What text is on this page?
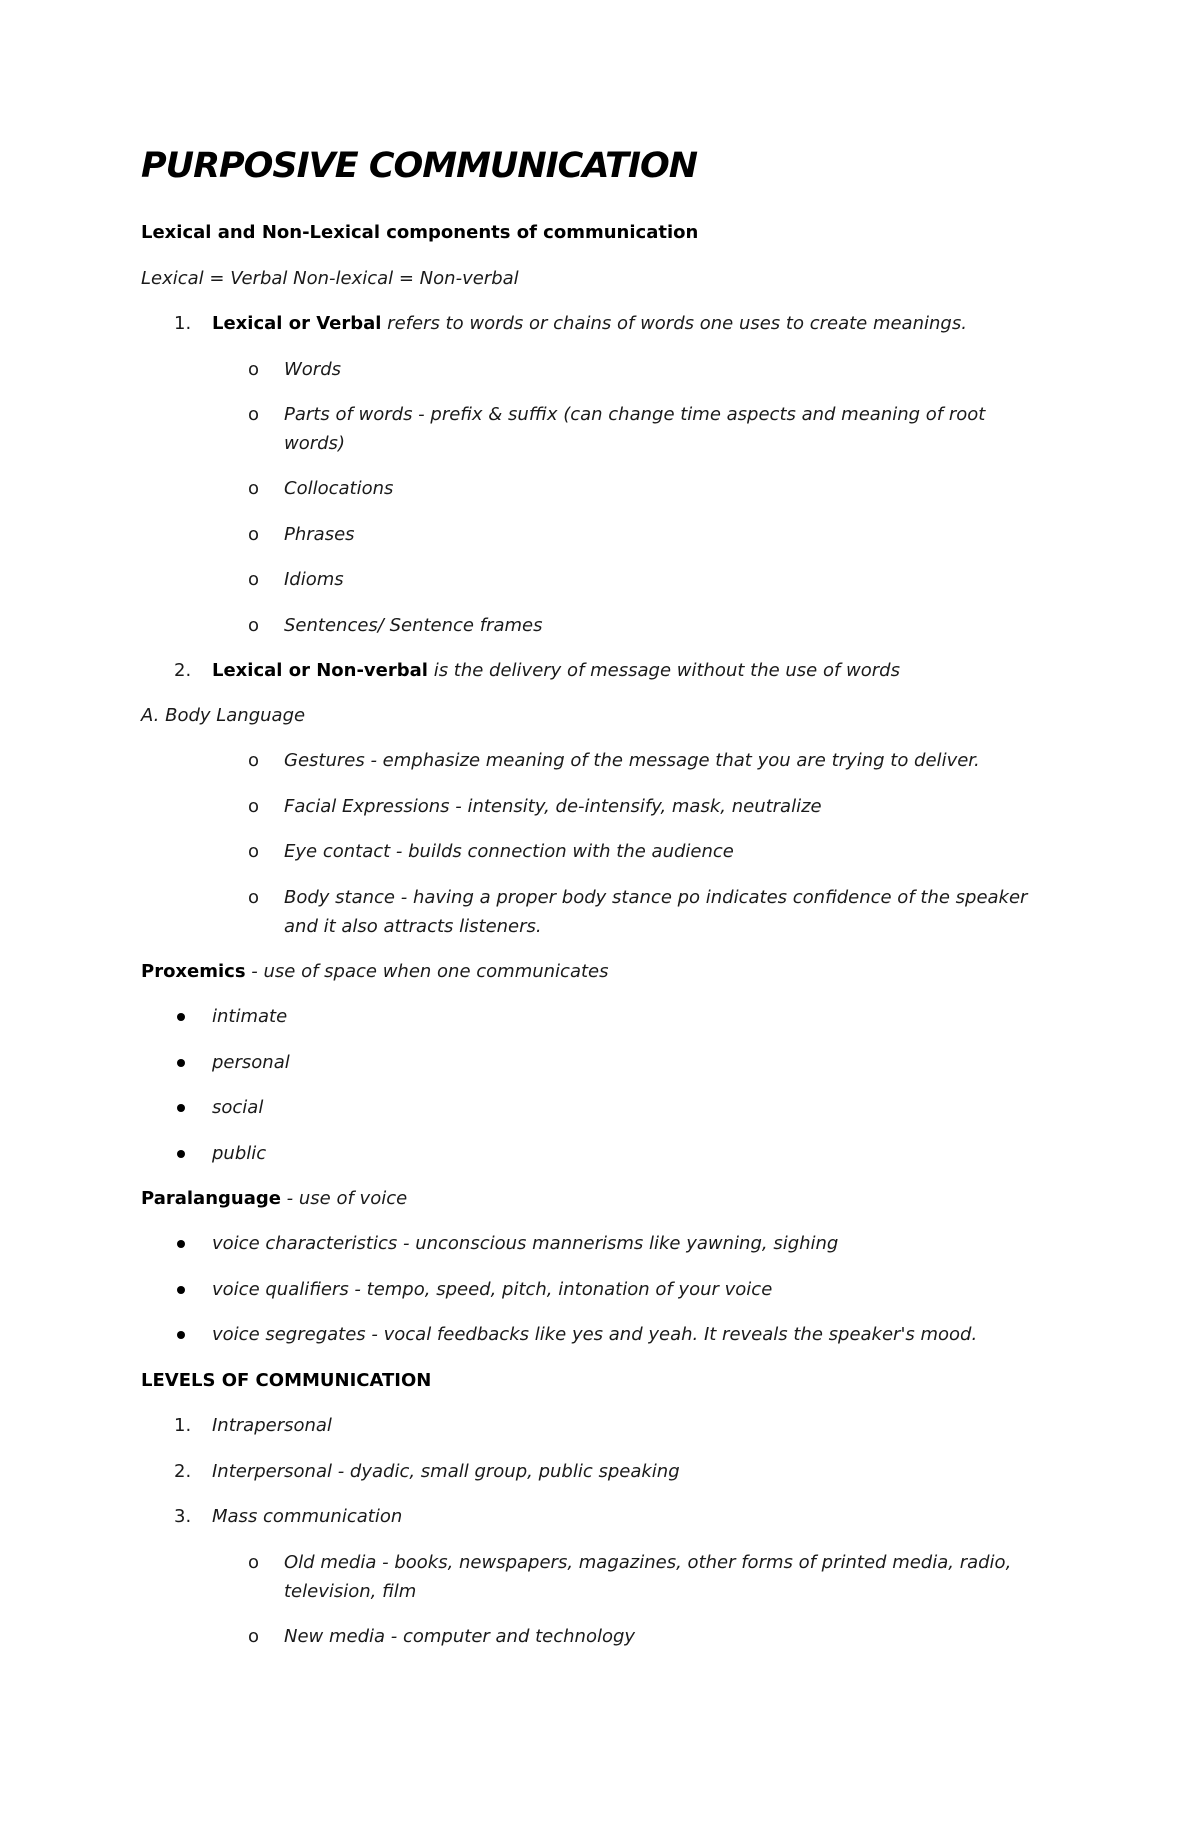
PURPOSIVE COMMUNICATION
Lexical and Non-Lexical components of communication
Lexical = Verbal Non-lexical = Non-verbal
1. Lexical or Verbal refers to words or chains of words one uses to create meanings.
o Words
o Parts of words - prefix & suffix (can change time aspects and meaning of root
words)
o Collocations
o Phrases
o Idioms
o Sentences/ Sentence frames
2. Lexical or Non-verbal is the delivery of message without the use of words
A. Body Language
o Gestures - emphasize meaning of the message that you are trying to deliver.
o Facial Expressions - intensity, de-intensify, mask, neutralize
o Eye contact - builds connection with the audience
o Body stance - having a proper body stance po indicates confidence of the speaker
and it also attracts listeners.
Proxemics - use of space when one communicates
intimate
personal
social
public
Paralanguage - use of voice
voice characteristics - unconscious mannerisms like yawning, sighing
voice qualifiers - tempo, speed, pitch, intonation of your voice
voice segregates - vocal feedbacks like yes and yeah. It reveals the speaker's mood.
LEVELS OF COMMUNICATION
1. Intrapersonal
2. Interpersonal - dyadic, small group, public speaking
3. Mass communication
o Old media - books, newspapers, magazines, other forms of printed media, radio,
television, film
o New media - computer and technology
